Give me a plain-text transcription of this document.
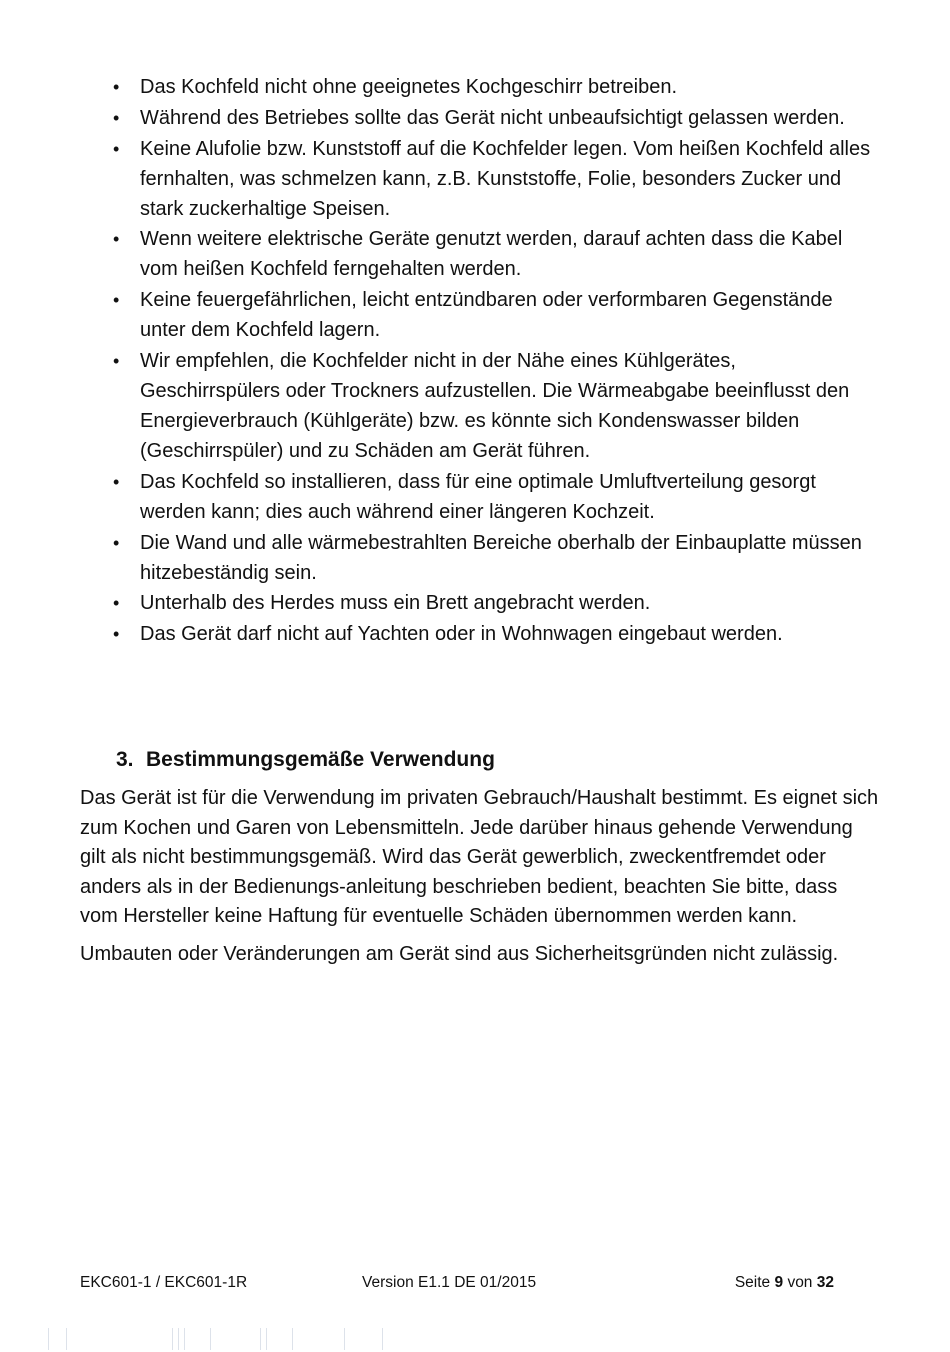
• Das Kochfeld nicht ohne geeignetes Kochgeschirr betreiben.
• Während des Betriebes sollte das Gerät nicht unbeaufsichtigt gelassen werden.
• Keine Alufolie bzw. Kunststoff auf die Kochfelder legen. Vom heißen Kochfeld alles fernhalten, was schmelzen kann, z.B. Kunststoffe, Folie, besonders Zucker und stark zuckerhaltige Speisen.
• Wenn weitere elektrische Geräte genutzt werden, darauf achten dass die Kabel vom heißen Kochfeld ferngehalten werden.
• Keine feuergefährlichen, leicht entzündbaren oder verformbaren Gegenstände unter dem Kochfeld lagern.
• Wir empfehlen, die Kochfelder nicht in der Nähe eines Kühlgerätes, Geschirrspülers oder Trockners aufzustellen. Die Wärmeabgabe beeinflusst den Energieverbrauch (Kühlgeräte) bzw. es könnte sich Kondenswasser bilden (Geschirrspüler) und zu Schäden am Gerät führen.
• Das Kochfeld so installieren, dass für eine optimale Umluftverteilung gesorgt werden kann; dies auch während einer längeren Kochzeit.
• Die Wand und alle wärmebestrahlten Bereiche oberhalb der Einbauplatte müssen hitzebeständig sein.
• Unterhalb des Herdes muss ein Brett angebracht werden.
• Das Gerät darf nicht auf Yachten oder in Wohnwagen eingebaut werden.
3. Bestimmungsgemäße Verwendung

Das Gerät ist für die Verwendung im privaten Gebrauch/Haushalt bestimmt. Es eignet sich zum Kochen und Garen von Lebensmitteln. Jede darüber hinaus gehende Verwendung gilt als nicht bestimmungsgemäß. Wird das Gerät gewerblich, zweckentfremdet oder anders als in der Bedienungs-anleitung beschrieben bedient, beachten Sie bitte, dass vom Hersteller keine Haftung für eventuelle Schäden übernommen werden kann.

Umbauten oder Veränderungen am Gerät sind aus Sicherheitsgründen nicht zulässig.

EKC601-1 / EKC601-1R	Version E1.1 DE 01/2015	Seite 9 von 32
